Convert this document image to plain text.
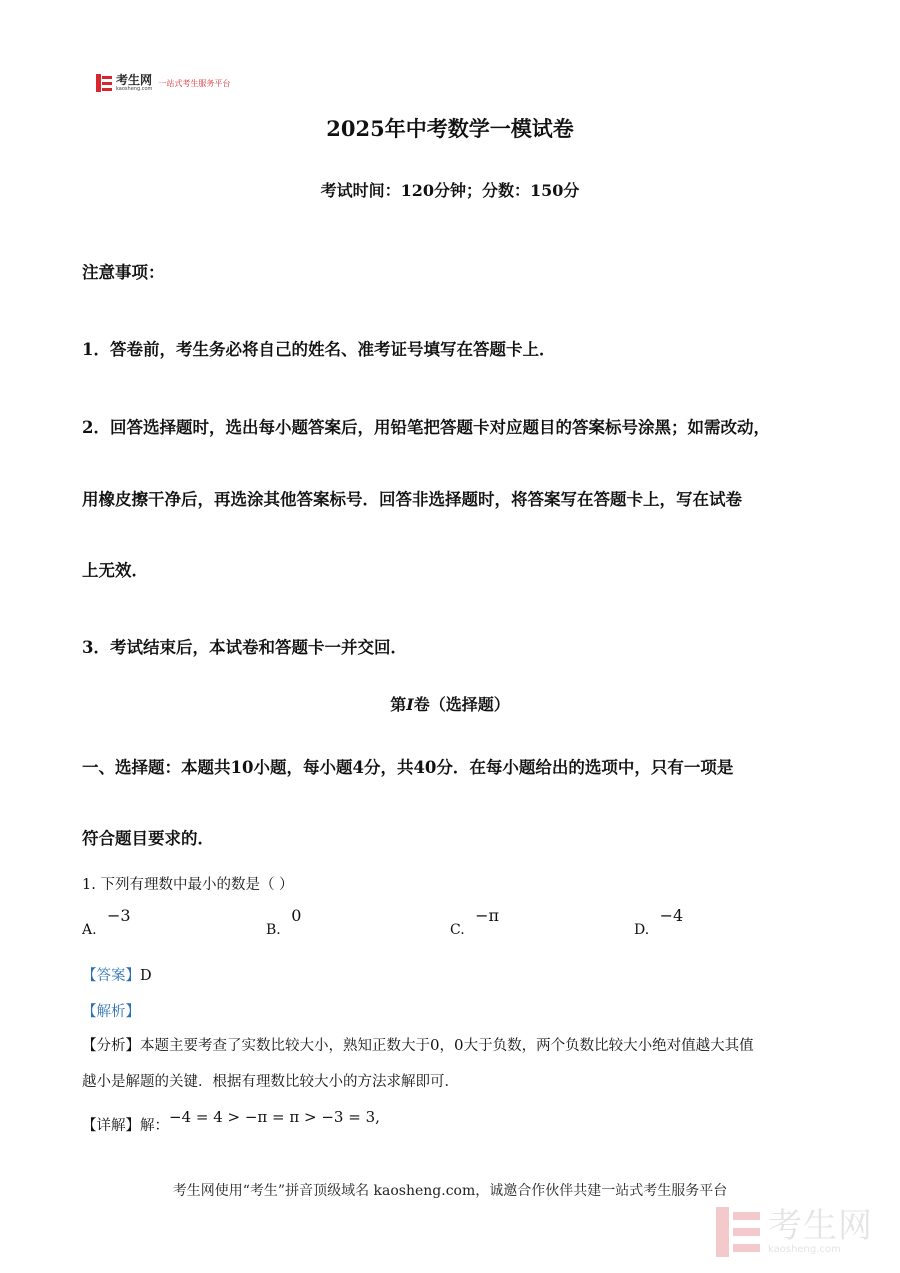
考生网
kaosheng.com
一站式考生服务平台
2025年中考数学一模试卷
考试时间：120分钟；分数：150分
注意事项：
1．答卷前，考生务必将自己的姓名、准考证号填写在答题卡上．
2．回答选择题时，选出每小题答案后，用铅笔把答题卡对应题目的答案标号涂黑；如需改动，
用橡皮擦干净后，再选涂其他答案标号．回答非选择题时，将答案写在答题卡上，写在试卷
上无效．
3．考试结束后，本试卷和答题卡一并交回．
第I卷（选择题）
一、选择题：本题共10小题，每小题4分，共40分．在每小题给出的选项中，只有一项是
符合题目要求的．
1. 下列有理数中最小的数是（ ）
A. −3
B. 0
C. −π
D. −4
【答案】D
【解析】
【分析】本题主要考查了实数比较大小，熟知正数大于0，0大于负数，两个负数比较大小绝对值越大其值
越小是解题的关键．根据有理数比较大小的方法求解即可．
【详解】解：−4 = 4 > −π = π > −3 = 3,
考生网使用“考生”拼音顶级域名 kaosheng.com，诚邀合作伙伴共建一站式考生服务平台
考生网
kaosheng.com
